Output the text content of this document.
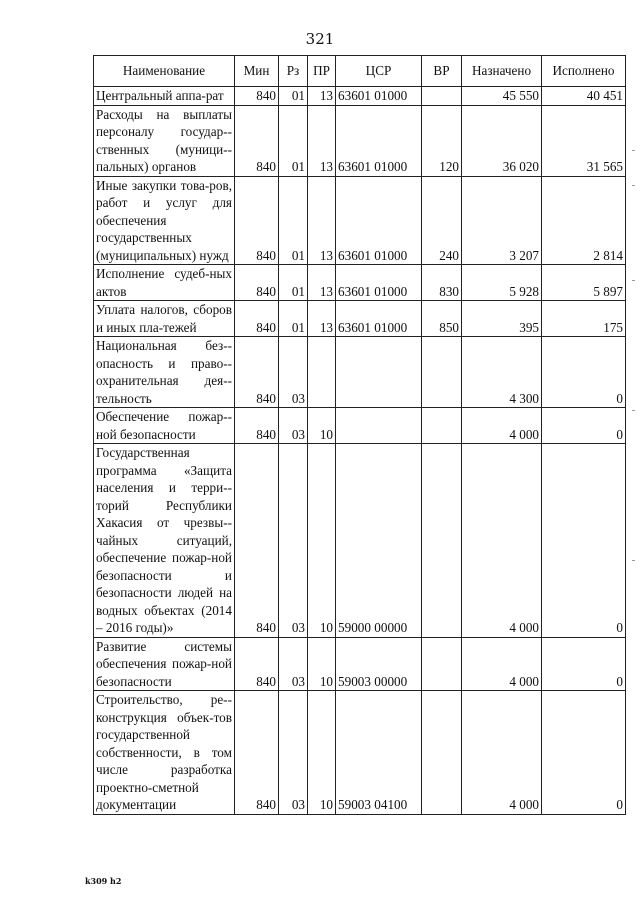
321
Наименование	Мин	Рз	ПР	ЦСР	ВР	Назначено	Исполнено
Центральный аппа-рат	840	01	13	63601 01000		45 550	40 451
Расходы на выплаты персоналу государ-ственных (муници-пальных) органов	840	01	13	63601 01000	120	36 020	31 565
Иные закупки това-ров, работ и услуг для обеспечения государственных (муниципальных) нужд	840	01	13	63601 01000	240	3 207	2 814
Исполнение судеб-ных актов	840	01	13	63601 01000	830	5 928	5 897
Уплата налогов, сборов и иных пла-тежей	840	01	13	63601 01000	850	395	175
Национальная без-опасность и право-охранительная дея-тельность	840	03				4 300	0
Обеспечение пожар-ной безопасности	840	03	10			4 000	0
Государственная программа «Защита населения и терри-торий Республики Хакасия от чрезвы-чайных ситуаций, обеспечение пожар-ной безопасности и безопасности людей на водных объектах (2014 – 2016 годы)»	840	03	10	59000 00000		4 000	0
Развитие системы обеспечения пожар-ной безопасности	840	03	10	59003 00000		4 000	0
Строительство, ре-конструкция объек-тов государственной собственности, в том числе разработка проектно-сметной документации	840	03	10	59003 04100		4 000	0
k309 h2
